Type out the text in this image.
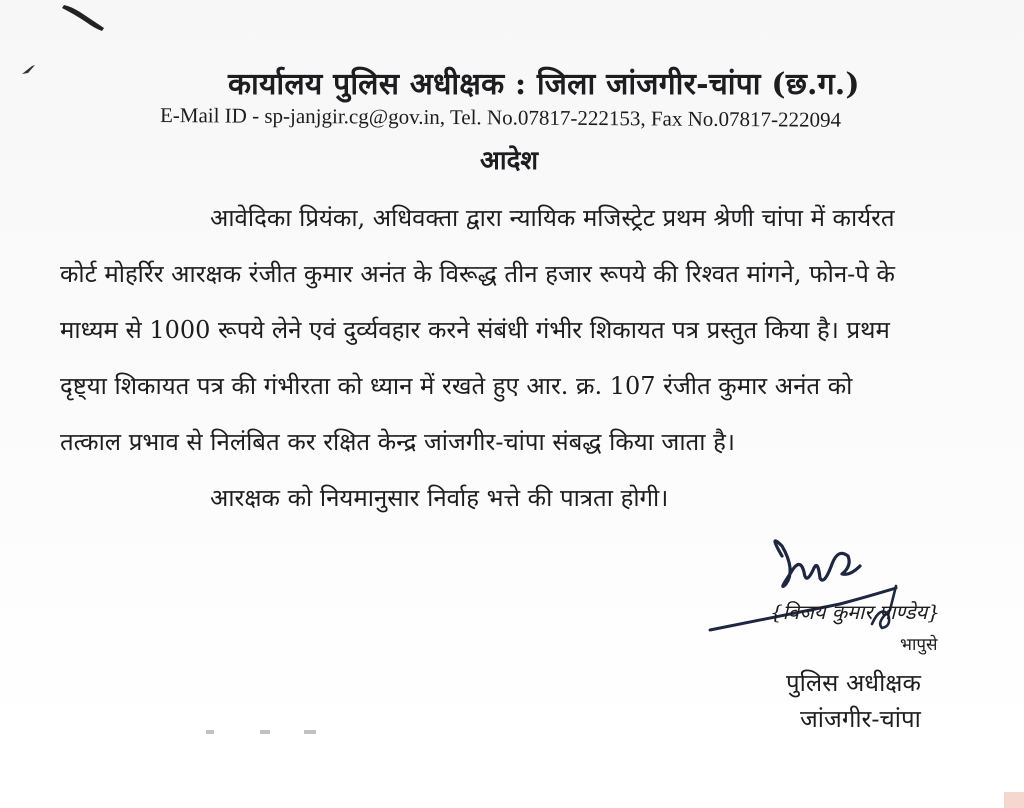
कार्यालय पुलिस अधीक्षक : जिला जांजगीर-चांपा (छ.ग.)
E-Mail ID - sp-janjgir.cg@gov.in, Tel. No.07817-222153, Fax No.07817-222094
आदेश
आवेदिका प्रियंका, अधिवक्ता द्वारा न्यायिक मजिस्ट्रेट प्रथम श्रेणी चांपा में कार्यरत
कोर्ट मोहर्रिर आरक्षक रंजीत कुमार अनंत के विरूद्ध तीन हजार रूपये की रिश्वत मांगने, फोन-पे के
माध्यम से 1000 रूपये लेने एवं दुर्व्यवहार करने संबंधी गंभीर शिकायत पत्र प्रस्तुत किया है। प्रथम
दृष्ट्या शिकायत पत्र की गंभीरता को ध्यान में रखते हुए आर. क्र. 107 रंजीत कुमार अनंत को
तत्काल प्रभाव से निलंबित कर रक्षित केन्द्र जांजगीर-चांपा संबद्ध किया जाता है।
आरक्षक को नियमानुसार निर्वाह भत्ते की पात्रता होगी।
{विजय कुमार पाण्डेय}
भापुसे
पुलिस अधीक्षक
जांजगीर-चांपा
